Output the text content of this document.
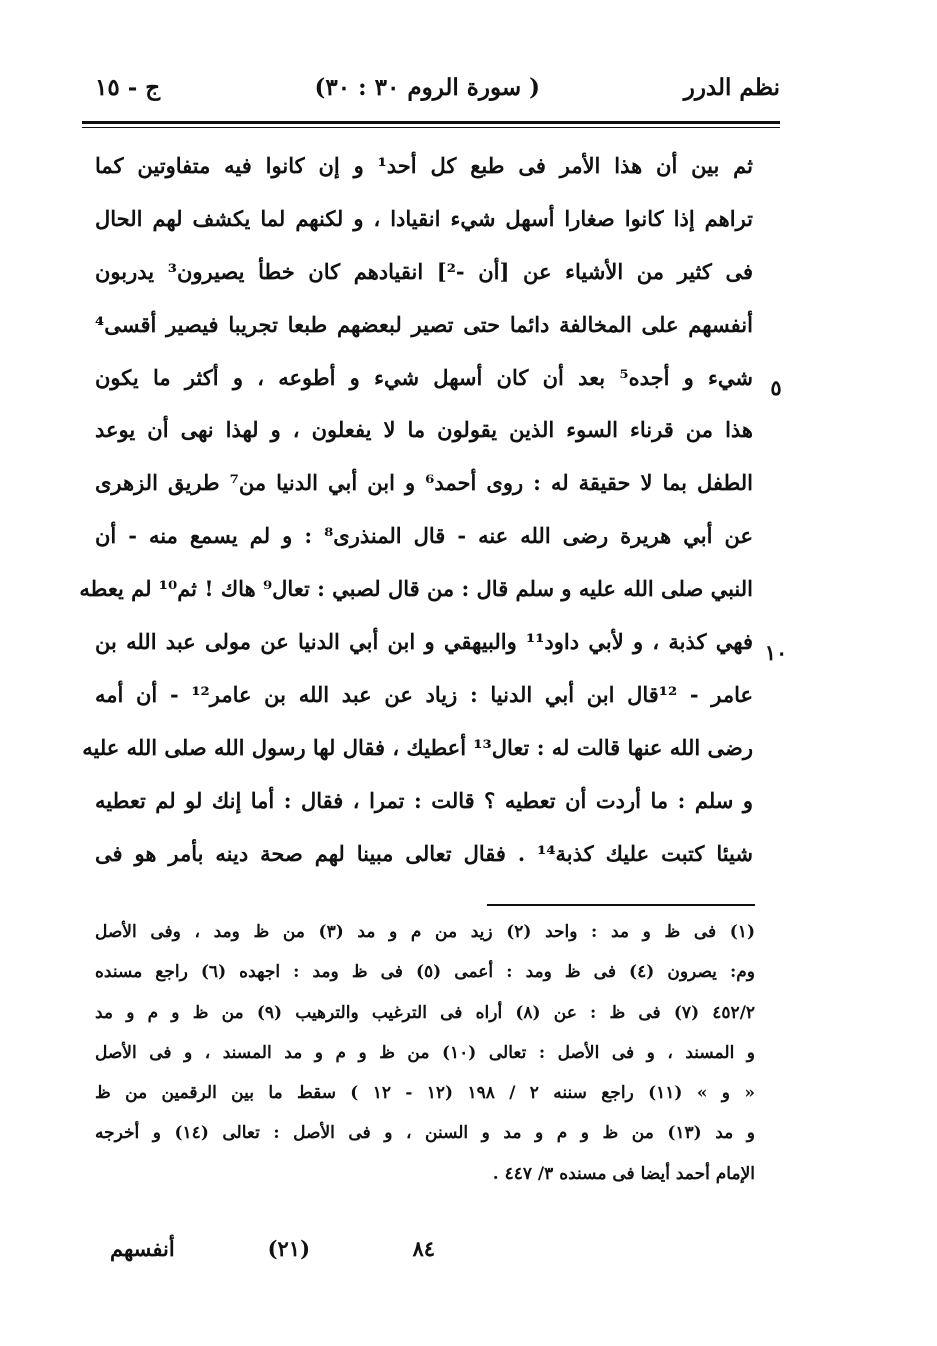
نظم الدرر
( سورة الروم ٣٠ : ٣٠)
ج - ١٥
٥
١٠
ثم بين أن هذا الأمر فى طبع كل أحد¹ و إن كانوا فيه متفاوتين كما
تراهم إذا كانوا صغارا أسهل شيء انقيادا ، و لكنهم لما يكشف لهم الحال
فى كثير من الأشياء عن [أن -²] انقيادهم كان خطأ يصيرون³ يدربون
أنفسهم على المخالفة دائما حتى تصير لبعضهم طبعا تجريبا فيصير أقسى⁴
شيء و أجده⁵ بعد أن كان أسهل شيء و أطوعه ، و أكثر ما يكون
هذا من قرناء السوء الذين يقولون ما لا يفعلون ، و لهذا نهى أن يوعد
الطفل بما لا حقيقة له : روى أحمد⁶ و ابن أبي الدنيا من⁷ طريق الزهرى
عن أبي هريرة رضى الله عنه - قال المنذرى⁸ : و لم يسمع منه - أن
النبي صلى الله عليه و سلم قال : من قال لصبي : تعال⁹ هاك ! ثم¹⁰ لم يعطه
فهي كذبة ، و لأبي داود¹¹ والبيهقي و ابن أبي الدنيا عن مولى عبد الله بن
عامر - ¹²قال ابن أبي الدنيا : زياد عن عبد الله بن عامر¹² - أن أمه
رضى الله عنها قالت له : تعال¹³ أعطيك ، فقال لها رسول الله صلى الله عليه
و سلم : ما أردت أن تعطيه ؟ قالت : تمرا ، فقال : أما إنك لو لم تعطيه
شيئا كتبت عليك كذبة¹⁴ . فقال تعالى مبينا لهم صحة دينه بأمر هو فى
(١) فى ظ و مد : واحد (٢) زيد من م و مد (٣) من ظ ومد ، وفى الأصل
وم: يصرون (٤) فى ظ ومد : أعمى (٥) فى ظ ومد : اجهده (٦) راجع مسنده
٤٥٢/٢ (٧) فى ظ : عن (٨) أراه فى الترغيب والترهيب (٩) من ظ و م و مد
و المسند ، و فى الأصل : تعالى (١٠) من ظ و م و مد المسند ، و فى الأصل
« و » (١١) راجع سننه ٢ / ١٩٨ (١٢ - ١٢ ) سقط ما بين الرقمين من ظ
و مد (١٣) من ظ و م و مد و السنن ، و فى الأصل : تعالى (١٤) و أخرجه
الإمام أحمد أيضا فى مسنده ٣/ ٤٤٧ .
٨٤
(٢١)
أنفسهم
